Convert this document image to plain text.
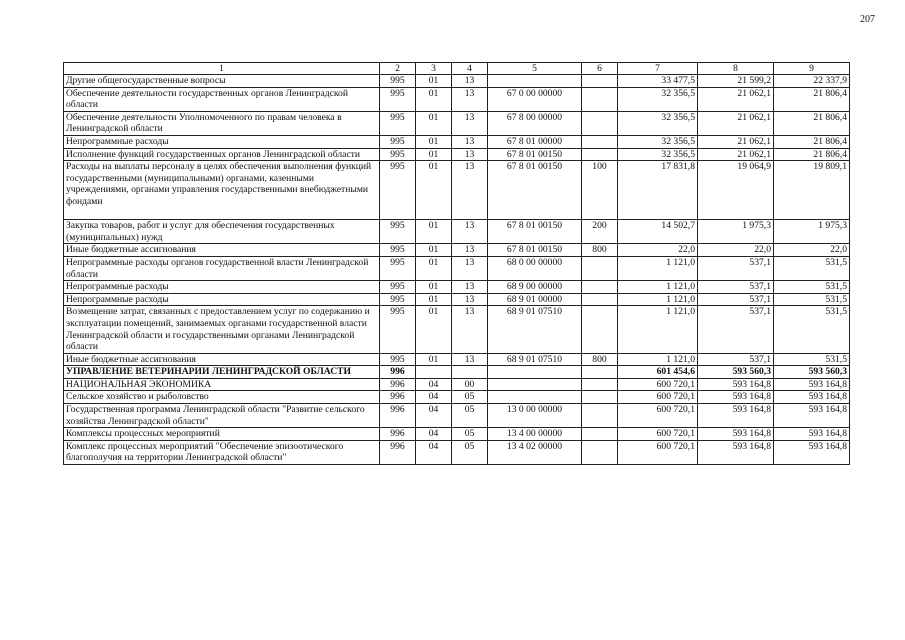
207
1	2	3	4	5	6	7	8	9
Другие общегосударственные вопросы	995	01	13			33 477,5	21 599,2	22 337,9
Обеспечение деятельности государственных органов Ленинградской области	995	01	13	67 0 00 00000		32 356,5	21 062,1	21 806,4
Обеспечение деятельности Уполномоченного по правам человека в Ленинградской области	995	01	13	67 8 00 00000		32 356,5	21 062,1	21 806,4
Непрограммные расходы	995	01	13	67 8 01 00000		32 356,5	21 062,1	21 806,4
Исполнение функций государственных органов Ленинградской области	995	01	13	67 8 01 00150		32 356,5	21 062,1	21 806,4
Расходы на выплаты персоналу в целях обеспечения выполнения функций государственными (муниципальными) органами, казенными учреждениями, органами управления государственными внебюджетными фондами	995	01	13	67 8 01 00150	100	17 831,8	19 064,9	19 809,1
Закупка товаров, работ и услуг для обеспечения государственных (муниципальных) нужд	995	01	13	67 8 01 00150	200	14 502,7	1 975,3	1 975,3
Иные бюджетные ассигнования	995	01	13	67 8 01 00150	800	22,0	22,0	22,0
Непрограммные расходы органов государственной власти Ленинградской области	995	01	13	68 0 00 00000		1 121,0	537,1	531,5
Непрограммные расходы	995	01	13	68 9 00 00000		1 121,0	537,1	531,5
Непрограммные расходы	995	01	13	68 9 01 00000		1 121,0	537,1	531,5
Возмещение затрат, связанных с предоставлением услуг по содержанию и эксплуатации помещений, занимаемых органами государственной власти Ленинградской области и государственными органами Ленинградской области	995	01	13	68 9 01 07510		1 121,0	537,1	531,5
Иные бюджетные ассигнования	995	01	13	68 9 01 07510	800	1 121,0	537,1	531,5
УПРАВЛЕНИЕ ВЕТЕРИНАРИИ ЛЕНИНГРАДСКОЙ ОБЛАСТИ	996					601 454,6	593 560,3	593 560,3
НАЦИОНАЛЬНАЯ ЭКОНОМИКА	996	04	00			600 720,1	593 164,8	593 164,8
Сельское хозяйство и рыболовство	996	04	05			600 720,1	593 164,8	593 164,8
Государственная программа Ленинградской области "Развитие сельского хозяйства Ленинградской области"	996	04	05	13 0 00 00000		600 720,1	593 164,8	593 164,8
Комплексы процессных мероприятий	996	04	05	13 4 00 00000		600 720,1	593 164,8	593 164,8
Комплекс процессных мероприятий "Обеспечение эпизоотического благополучия на территории Ленинградской области"	996	04	05	13 4 02 00000		600 720,1	593 164,8	593 164,8
